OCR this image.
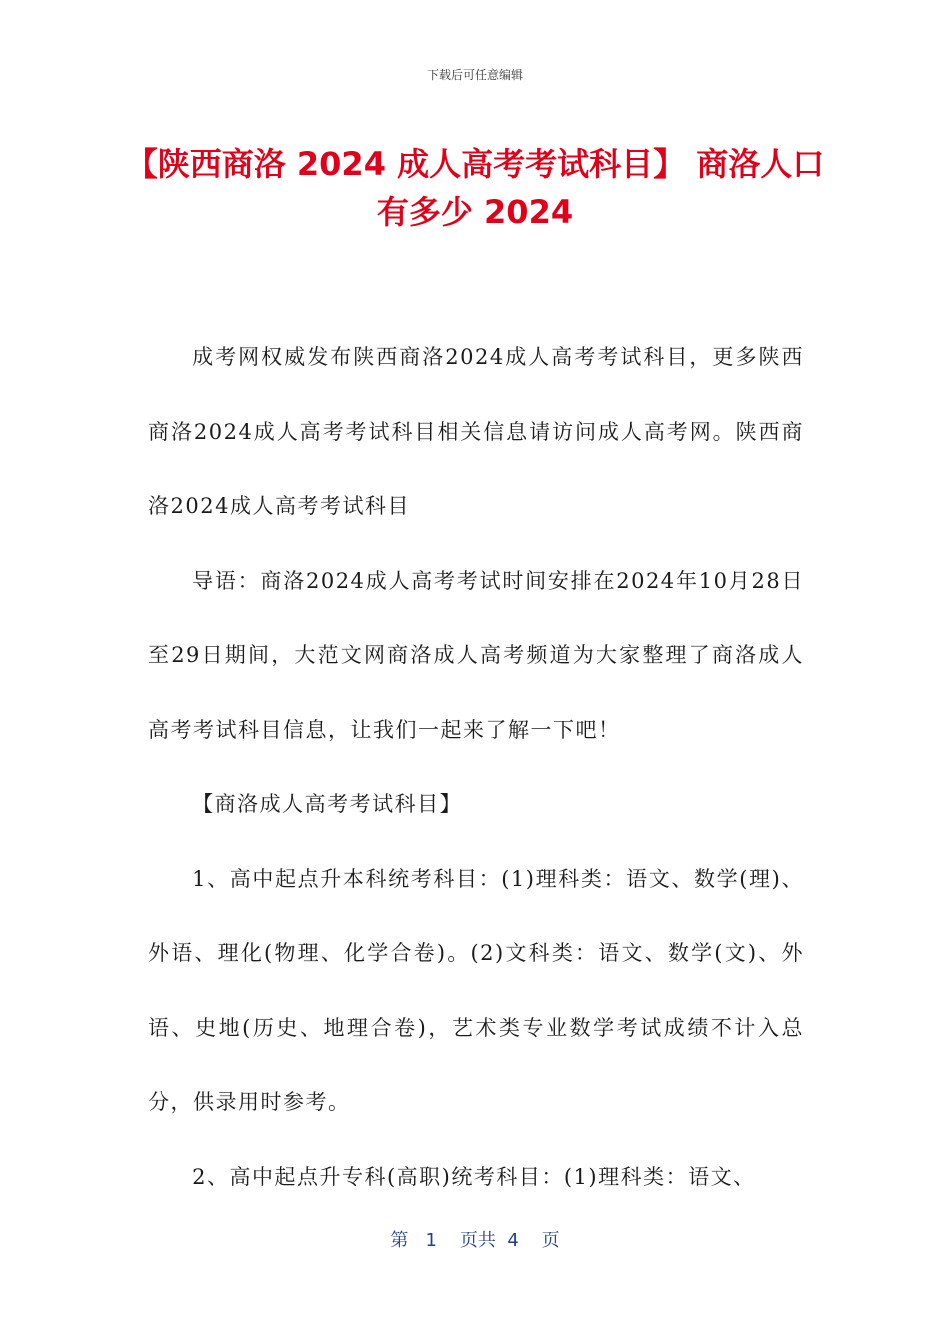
下载后可任意编辑
【陕西商洛 2024 成人高考考试科目】 商洛人口有多少 2024

成考网权威发布陕西商洛2024成人高考考试科目，更多陕西商洛2024成人高考考试科目相关信息请访问成人高考网。陕西商洛2024成人高考考试科目

导语：商洛2024成人高考考试时间安排在2024年10月28日至29日期间，大范文网商洛成人高考频道为大家整理了商洛成人高考考试科目信息，让我们一起来了解一下吧！

【商洛成人高考考试科目】

1、高中起点升本科统考科目：(1)理科类：语文、数学(理)、外语、理化(物理、化学合卷)。(2)文科类：语文、数学(文)、外语、史地(历史、地理合卷)，艺术类专业数学考试成绩不计入总分，供录用时参考。

2、高中起点升专科(高职)统考科目：(1)理科类：语文、

第 1 页共 4 页
